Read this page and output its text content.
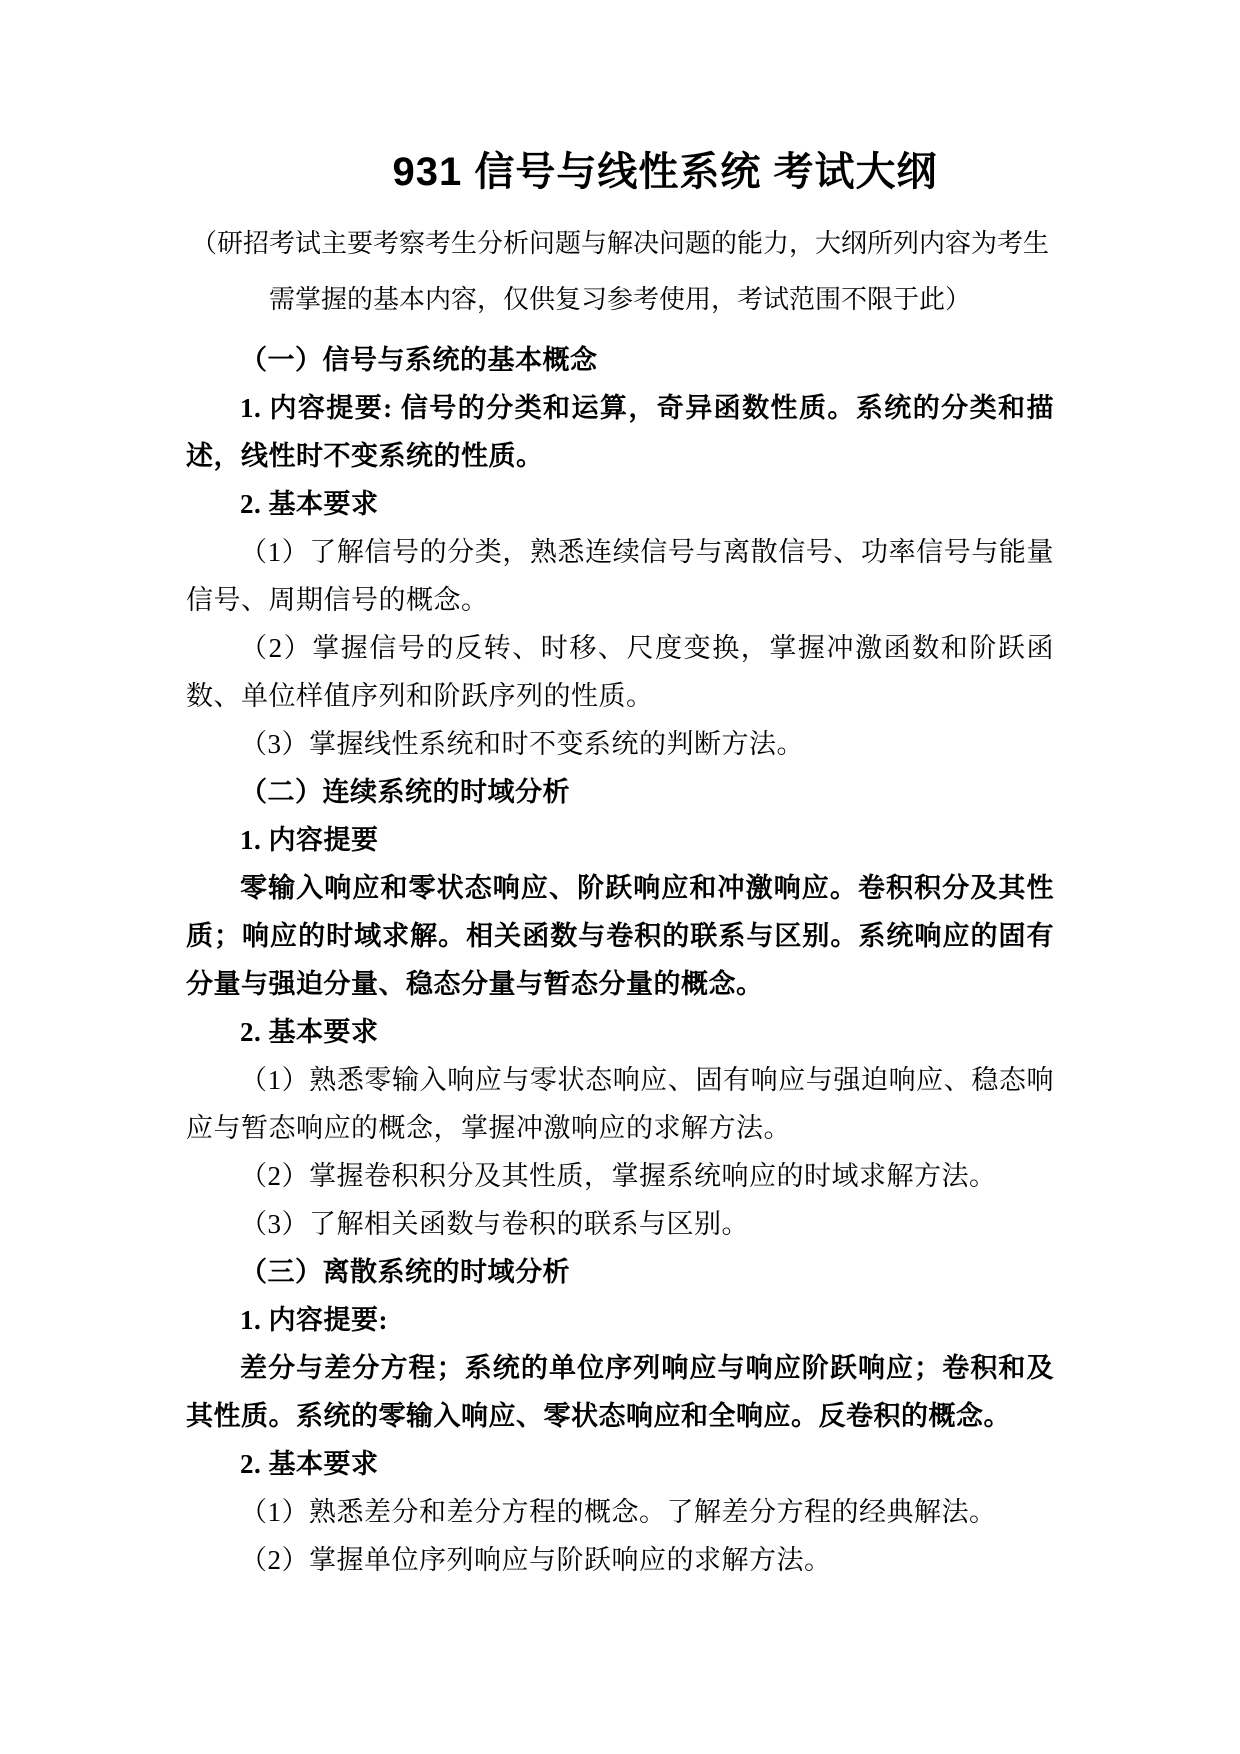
931 信号与线性系统 考试大纲

（研招考试主要考察考生分析问题与解决问题的能力，大纲所列内容为考生需掌握的基本内容，仅供复习参考使用，考试范围不限于此）

（一）信号与系统的基本概念

1. 内容提要: 信号的分类和运算，奇异函数性质。系统的分类和描述，线性时不变系统的性质。

2. 基本要求

（1）了解信号的分类，熟悉连续信号与离散信号、功率信号与能量信号、周期信号的概念。

（2）掌握信号的反转、时移、尺度变换，掌握冲激函数和阶跃函数、单位样值序列和阶跃序列的性质。

（3）掌握线性系统和时不变系统的判断方法。

（二）连续系统的时域分析

1. 内容提要

零输入响应和零状态响应、阶跃响应和冲激响应。卷积积分及其性质；响应的时域求解。相关函数与卷积的联系与区别。系统响应的固有分量与强迫分量、稳态分量与暂态分量的概念。

2. 基本要求

（1）熟悉零输入响应与零状态响应、固有响应与强迫响应、稳态响应与暂态响应的概念，掌握冲激响应的求解方法。

（2）掌握卷积积分及其性质，掌握系统响应的时域求解方法。

（3）了解相关函数与卷积的联系与区别。

（三）离散系统的时域分析

1. 内容提要:

差分与差分方程；系统的单位序列响应与响应阶跃响应；卷积和及其性质。系统的零输入响应、零状态响应和全响应。反卷积的概念。

2. 基本要求

（1）熟悉差分和差分方程的概念。了解差分方程的经典解法。

（2）掌握单位序列响应与阶跃响应的求解方法。
